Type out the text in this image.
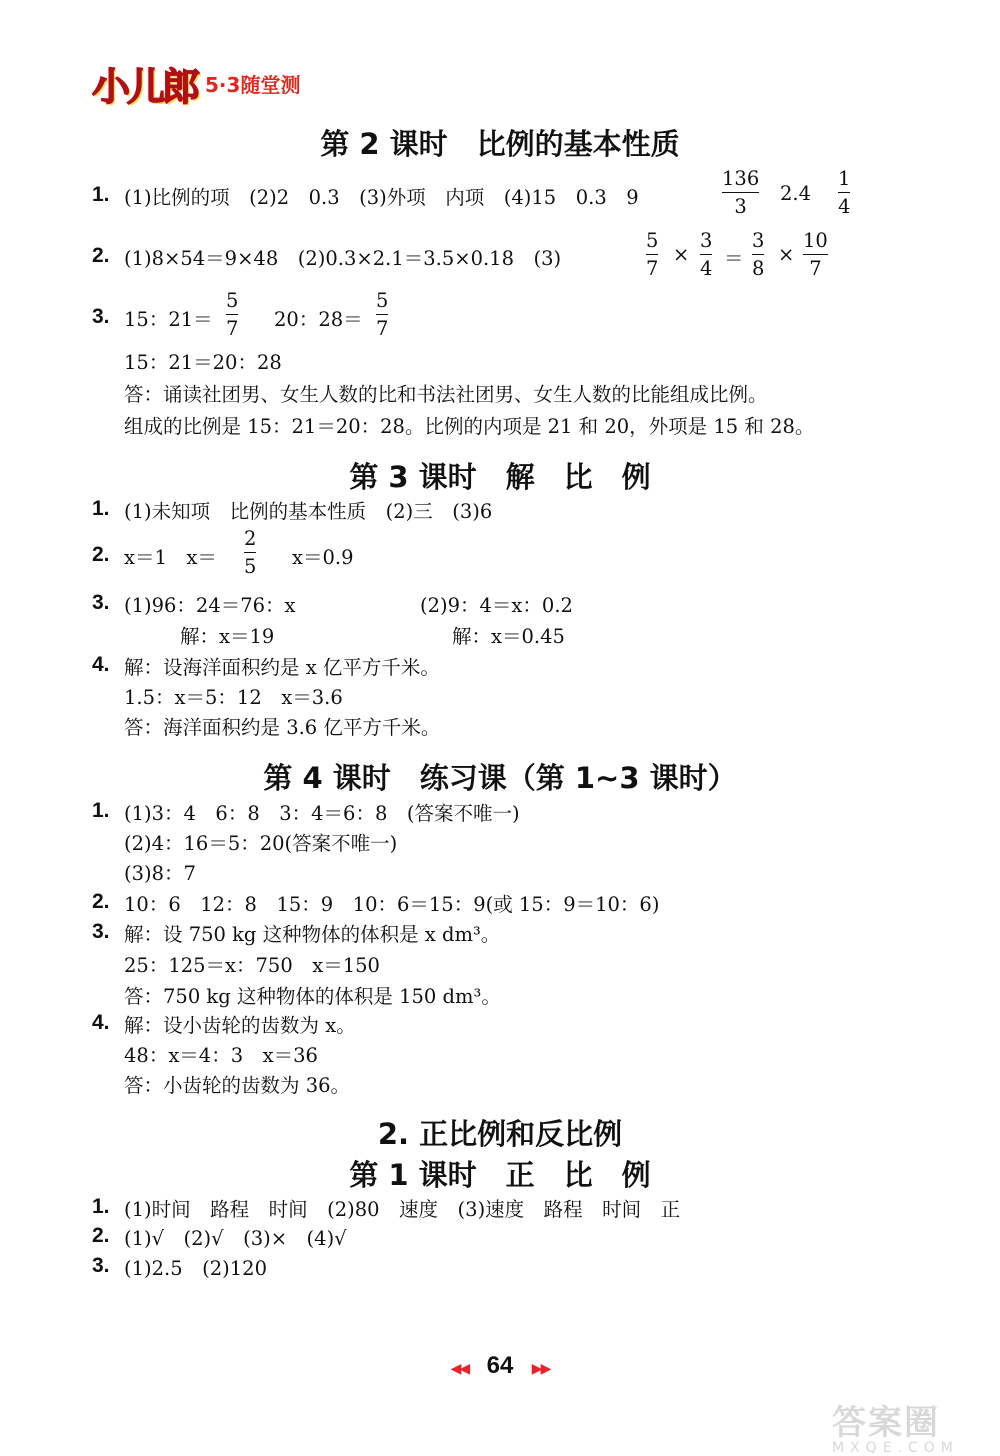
小儿郎 5·3随堂测
第 2 课时　比例的基本性质
1. (1)比例的项　(2)2　0.3　(3)外项　内项　(4)15　0.3　9
136
3
2.4
1
4
2. (1)8×54＝9×48　(2)0.3×2.1＝3.5×0.18　(3)
5
7
×
3
4 ＝
3
8
×
10
7
3. 15：21＝
5
7 20：28＝
5
7
15：21＝20：28
答：诵读社团男、女生人数的比和书法社团男、女生人数的比能组成比例。
组成的比例是 15：21＝20：28。比例的内项是 21 和 20，外项是 15 和 28。
第 3 课时　解　比　例
1. (1)未知项　比例的基本性质　(2)三　(3)6
2. x＝1　x＝
2
5 x＝0.9
3. (1)96：24＝76：x
解：x＝19
(2)9：4＝x：0.2
解：x＝0.45
4. 解：设海洋面积约是 x 亿平方千米。
1.5：x＝5：12　x＝3.6
答：海洋面积约是 3.6 亿平方千米。
第 4 课时　练习课（第 1~3 课时）
1. (1)3：4　6：8　3：4＝6：8　(答案不唯一)
(2)4：16＝5：20(答案不唯一)
(3)8：7
2. 10：6　12：8　15：9　10：6＝15：9(或 15：9＝10：6)
3. 解：设 750 kg 这种物体的体积是 x dm³。
25：125＝x：750　x＝150
答：750 kg 这种物体的体积是 150 dm³。
4. 解：设小齿轮的齿数为 x。
48：x＝4：3　x＝36
答：小齿轮的齿数为 36。
2. 正比例和反比例
第 1 课时　正　比　例
1. (1)时间　路程　时间　(2)80　速度　(3)速度　路程　时间　正
2. (1)√　(2)√　(3)×　(4)√
3. (1)2.5　(2)120
◀◀ 64 ▶▶
答案圈
MXQE.COM
